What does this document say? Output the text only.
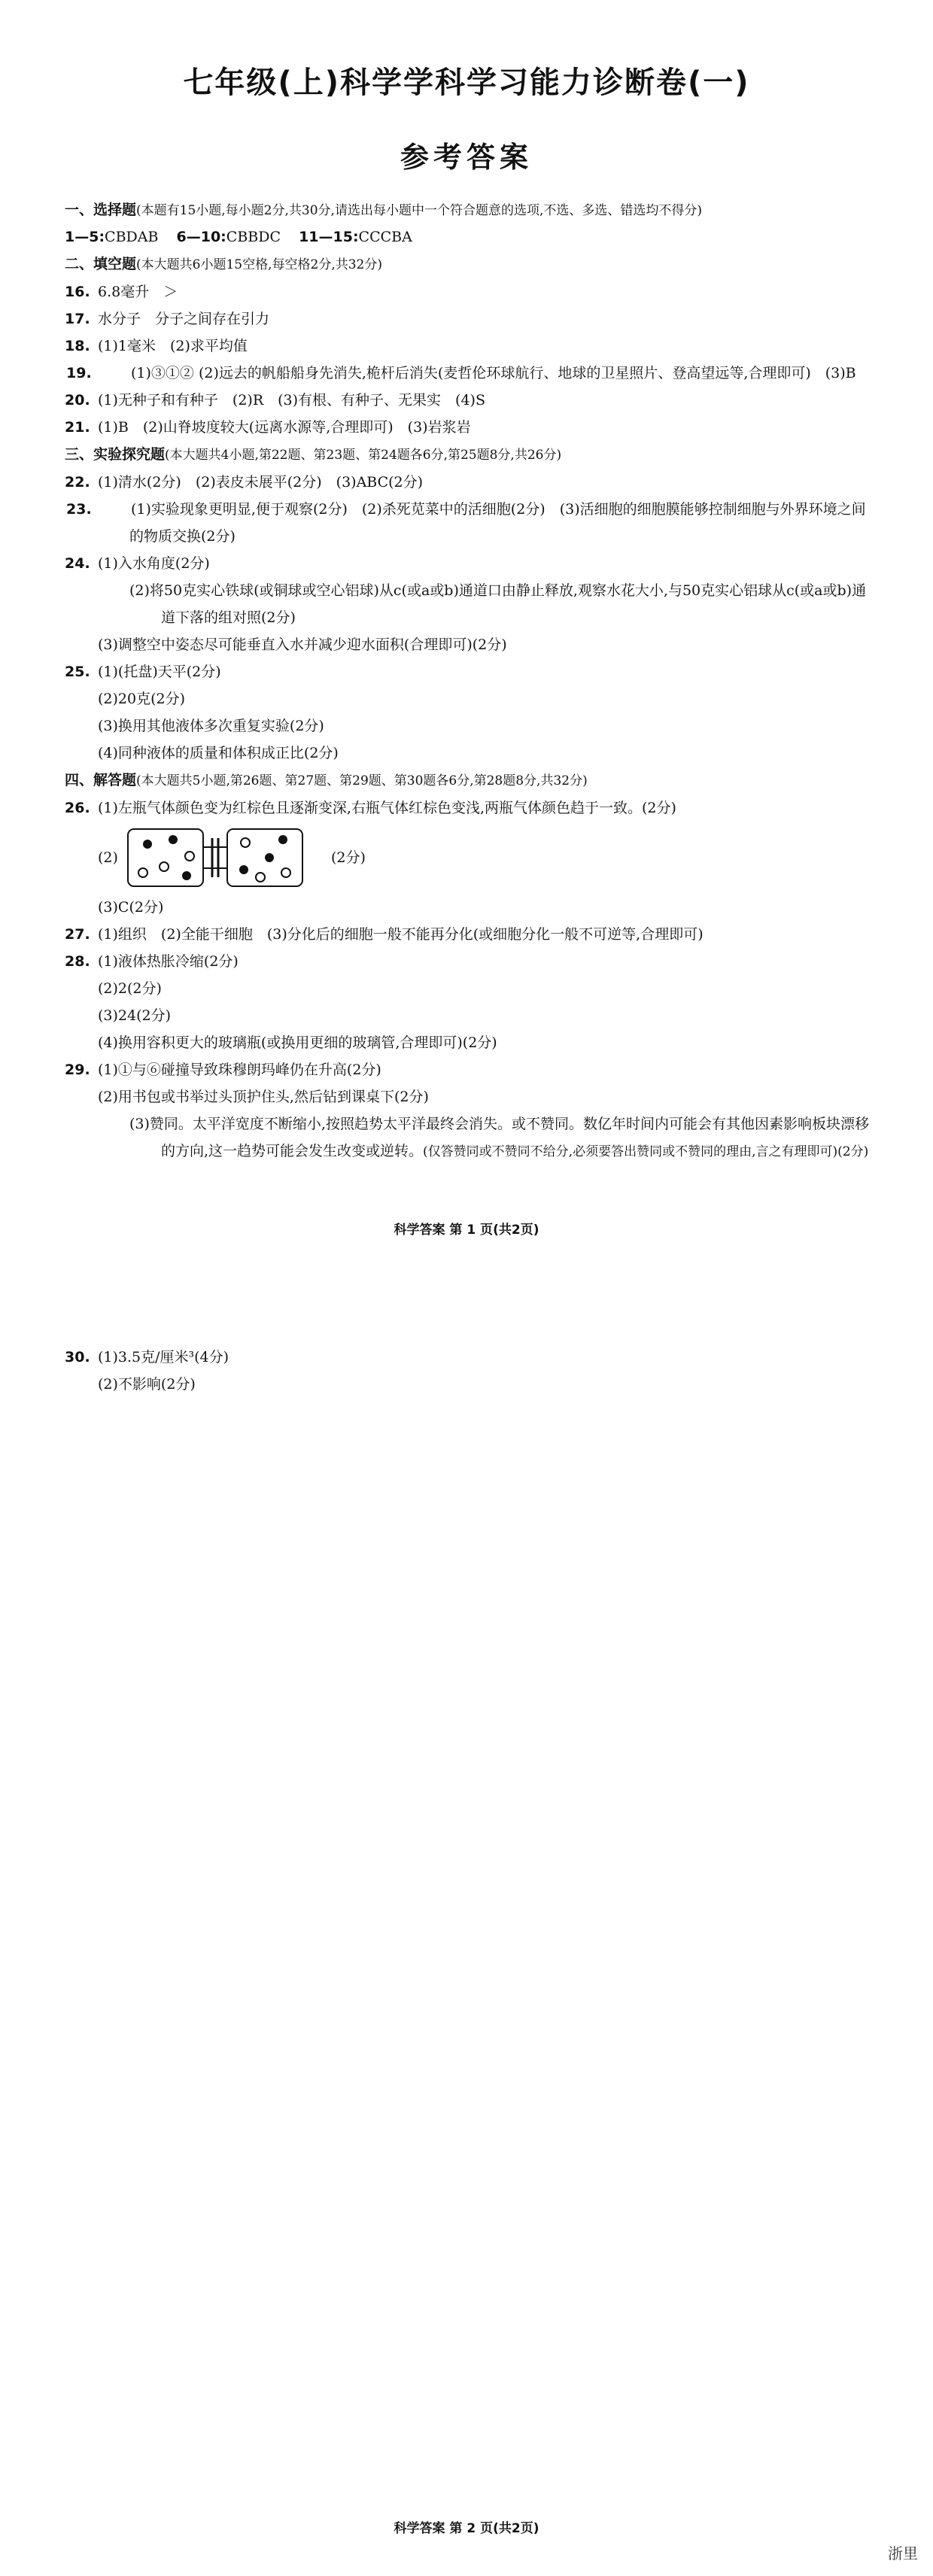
七年级(上)科学学科学习能力诊断卷(一)
参考答案
一、选择题(本题有15小题,每小题2分,共30分,请选出每小题中一个符合题意的选项,不选、多选、错选均不得分)
1—5:CBDAB 6—10:CBBDC 11—15:CCCBA
二、填空题(本大题共6小题15空格,每空格2分,共32分)
16. 6.8毫升　＞
17. 水分子　分子之间存在引力
18. (1)1毫米　(2)求平均值
19.	(1)③①② (2)远去的帆船船身先消失,桅杆后消失(麦哲伦环球航行、地球的卫星照片、登高望远等,合理即可)　(3)B
20. (1)无种子和有种子　(2)R　(3)有根、有种子、无果实　(4)S
21. (1)B　(2)山脊坡度较大(远离水源等,合理即可)　(3)岩浆岩
三、实验探究题(本大题共4小题,第22题、第23题、第24题各6分,第25题8分,共26分)
22. (1)清水(2分)　(2)表皮未展平(2分)　(3)ABC(2分)
23.	(1)实验现象更明显,便于观察(2分)　(2)杀死苋菜中的活细胞(2分)　(3)活细胞的细胞膜能够控制细胞与外界环境之间的物质交换(2分)
24. (1)入水角度(2分)
(2)将50克实心铁球(或铜球或空心铝球)从c(或a或b)通道口由静止释放,观察水花大小,与50克实心铝球从c(或a或b)通道下落的组对照(2分)
(3)调整空中姿态尽可能垂直入水并减少迎水面积(合理即可)(2分)
25. (1)(托盘)天平(2分)
(2)20克(2分)
(3)换用其他液体多次重复实验(2分)
(4)同种液体的质量和体积成正比(2分)
四、解答题(本大题共5小题,第26题、第27题、第29题、第30题各6分,第28题8分,共32分)
26. (1)左瓶气体颜色变为红棕色且逐渐变深,右瓶气体红棕色变浅,两瓶气体颜色趋于一致。(2分)
(2)	(2分)
(3)C(2分)
27. (1)组织　(2)全能干细胞　(3)分化后的细胞一般不能再分化(或细胞分化一般不可逆等,合理即可)
28. (1)液体热胀冷缩(2分)
(2)2(2分)
(3)24(2分)
(4)换用容积更大的玻璃瓶(或换用更细的玻璃管,合理即可)(2分)
29. (1)①与⑥碰撞导致珠穆朗玛峰仍在升高(2分)
(2)用书包或书举过头顶护住头,然后钻到课桌下(2分)
(3)赞同。太平洋宽度不断缩小,按照趋势太平洋最终会消失。或不赞同。数亿年时间内可能会有其他因素影响板块漂移的方向,这一趋势可能会发生改变或逆转。(仅答赞同或不赞同不给分,必须要答出赞同或不赞同的理由,言之有理即可)(2分)
科学答案 第 1 页(共2页)
30. (1)3.5克/厘米³(4分)
(2)不影响(2分)
科学答案 第 2 页(共2页)
浙里
